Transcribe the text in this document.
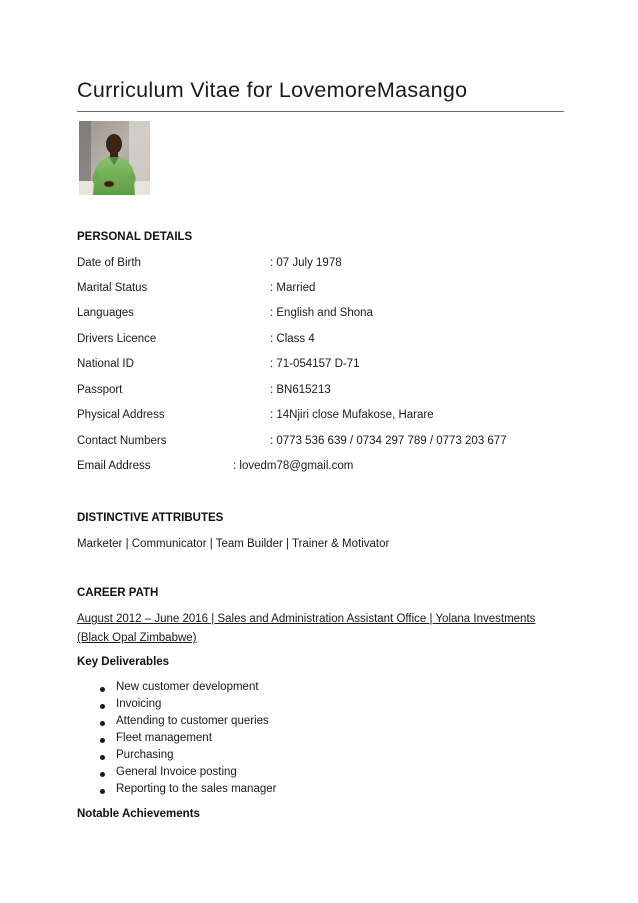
Curriculum Vitae for LovemoreMasango
PERSONAL DETAILS
Date of Birth	: 07 July 1978
Marital Status	: Married
Languages	: English and Shona
Drivers Licence	: Class 4
National ID	: 71-054157 D-71
Passport	: BN615213
Physical Address	: 14Njiri close Mufakose, Harare
Contact Numbers	: 0773 536 639 / 0734 297 789 / 0773 203 677
Email Address	: lovedm78@gmail.com
DISTINCTIVE ATTRIBUTES
Marketer | Communicator | Team Builder | Trainer & Motivator
CAREER PATH
August 2012 – June 2016 | Sales and Administration Assistant Office | Yolana Investments
(Black Opal Zimbabwe)
Key Deliverables
New customer development
Invoicing
Attending to customer queries
Fleet management
Purchasing
General Invoice posting
Reporting to the sales manager
Notable Achievements
